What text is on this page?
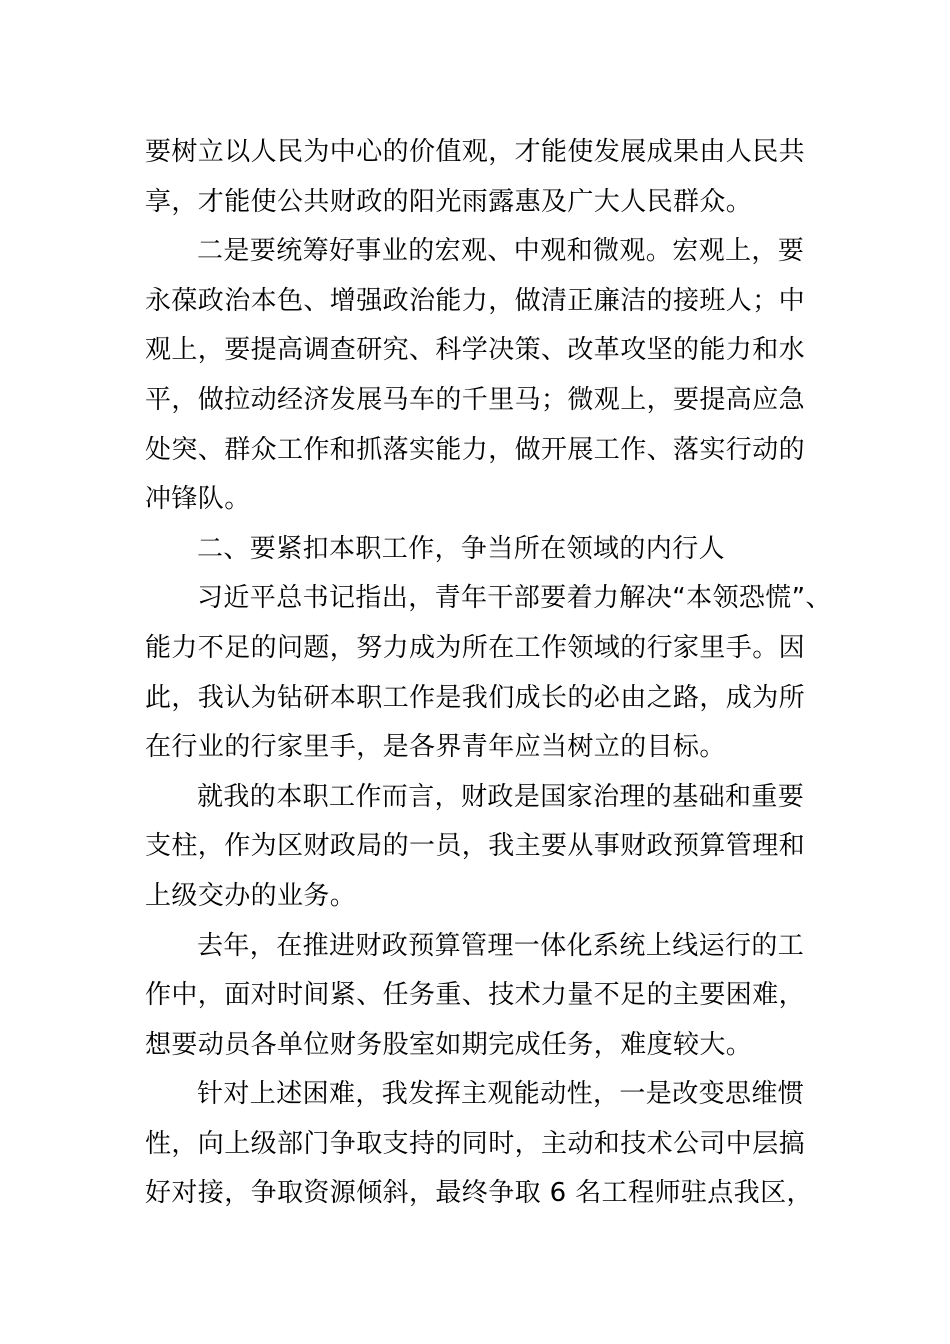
要树立以人民为中心的价值观，才能使发展成果由人民共
享，才能使公共财政的阳光雨露惠及广大人民群众。
二是要统筹好事业的宏观、中观和微观。宏观上，要
永葆政治本色、增强政治能力，做清正廉洁的接班人；中
观上，要提高调查研究、科学决策、改革攻坚的能力和水
平，做拉动经济发展马车的千里马；微观上，要提高应急
处突、群众工作和抓落实能力，做开展工作、落实行动的
冲锋队。
二、要紧扣本职工作，争当所在领域的内行人
习近平总书记指出，青年干部要着力解决“本领恐慌”、
能力不足的问题，努力成为所在工作领域的行家里手。因
此，我认为钻研本职工作是我们成长的必由之路，成为所
在行业的行家里手，是各界青年应当树立的目标。
就我的本职工作而言，财政是国家治理的基础和重要
支柱，作为区财政局的一员，我主要从事财政预算管理和
上级交办的业务。
去年，在推进财政预算管理一体化系统上线运行的工
作中，面对时间紧、任务重、技术力量不足的主要困难，
想要动员各单位财务股室如期完成任务，难度较大。
针对上述困难，我发挥主观能动性，一是改变思维惯
性，向上级部门争取支持的同时，主动和技术公司中层搞
好对接，争取资源倾斜，最终争取 6 名工程师驻点我区，
